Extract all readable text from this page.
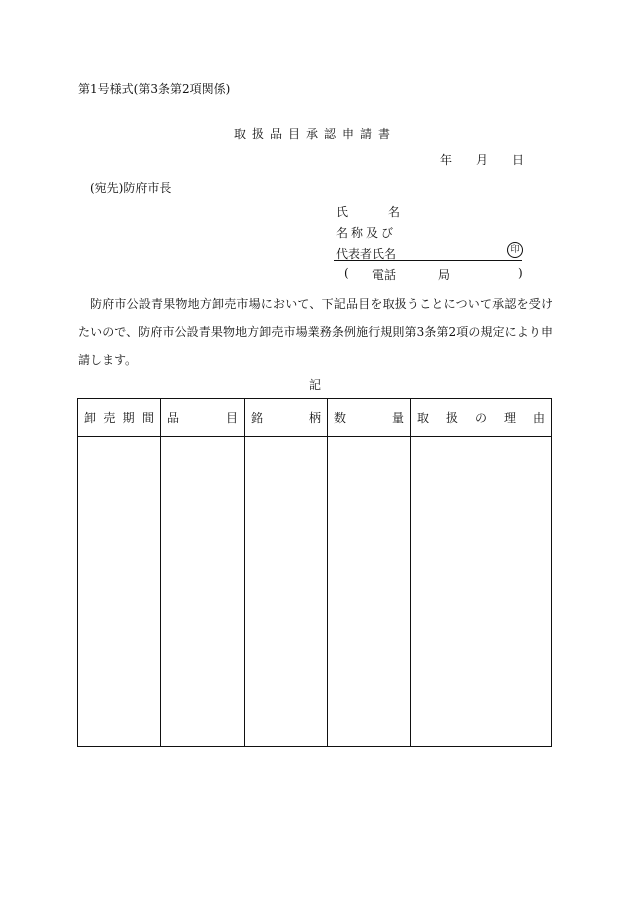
第1号様式(第3条第2項関係)
取扱品目承認申請書
年 月 日
(宛先)防府市長
氏	名
名称及び
代表者氏名	印
(	電話	局	)
防府市公設青果物地方卸売市場において、下記品目を取扱うことについて承認を受けたいので、防府市公設青果物地方卸売市場業務条例施行規則第3条第2項の規定により申請します。
記
卸 売 期 間	品 目	銘 柄	数 量	取 扱 の 理 由
